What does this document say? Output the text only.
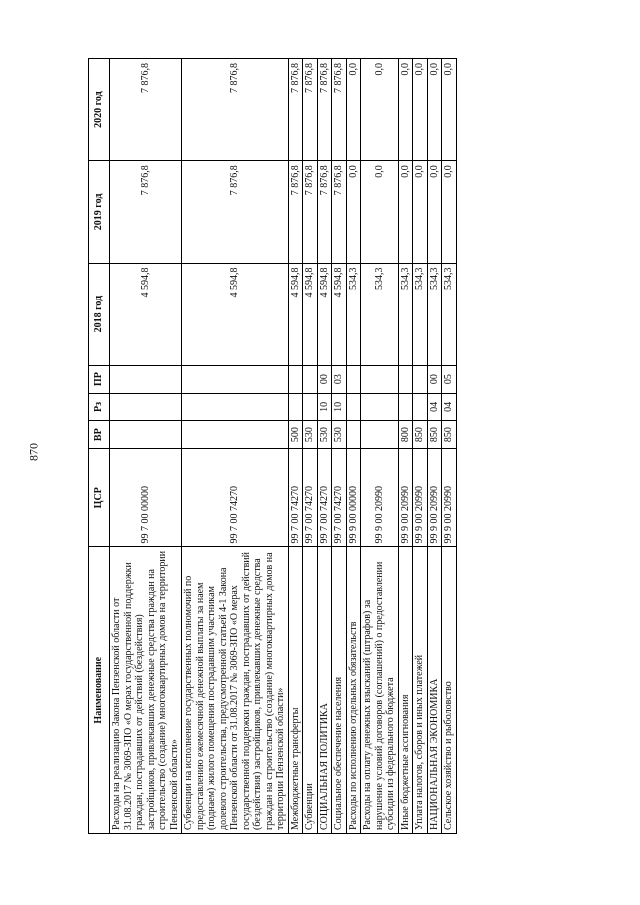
870
Наименование	ЦСР	ВР	Рз	ПР	2018 год	2019 год	2020 год
Расходы на реализацию Закона Пензенской области от 31.08.2017 № 3069-ЗПО «О мерах государственной поддержки граждан, пострадавших от действий (бездействия) застройщиков, привлекавших денежные средства граждан на строительство (создание) многоквартирных домов на территории Пензенской области»	99 7 00 00000				4 594,8	7 876,8	7 876,8
Субвенции на исполнение государственных полномочий по предоставлению ежемесячной денежной выплаты за наем (поднаем) жилого помещения пострадавшим участникам долевого строительства, предусмотренной статьей 4-1 Закона Пензенской области от 31.08.2017 № 3069-ЗПО «О мерах государственной поддержки граждан, пострадавших от действий (бездействия) застройщиков, привлекавших денежные средства граждан на строительство (создание) многоквартирных домов на территории Пензенской области»	99 7 00 74270				4 594,8	7 876,8	7 876,8
Межбюджетные трансферты	99 7 00 74270	500			4 594,8	7 876,8	7 876,8
Субвенции	99 7 00 74270	530			4 594,8	7 876,8	7 876,8
СОЦИАЛЬНАЯ ПОЛИТИКА	99 7 00 74270	530	10	00	4 594,8	7 876,8	7 876,8
Социальное обеспечение населения	99 7 00 74270	530	10	03	4 594,8	7 876,8	7 876,8
Расходы по исполнению отдельных обязательств	99 9 00 00000				534,3	0,0	0,0
Расходы на оплату денежных взысканий (штрафов) за нарушение условий договоров (соглашений) о предоставлении субсидии из федерального бюджета	99 9 00 20990				534,3	0,0	0,0
Иные бюджетные ассигнования	99 9 00 20990	800			534,3	0,0	0,0
Уплата налогов, сборов и иных платежей	99 9 00 20990	850			534,3	0,0	0,0
НАЦИОНАЛЬНАЯ ЭКОНОМИКА	99 9 00 20990	850	04	00	534,3	0,0	0,0
Сельское хозяйство и рыболовство	99 9 00 20990	850	04	05	534,3	0,0	0,0
